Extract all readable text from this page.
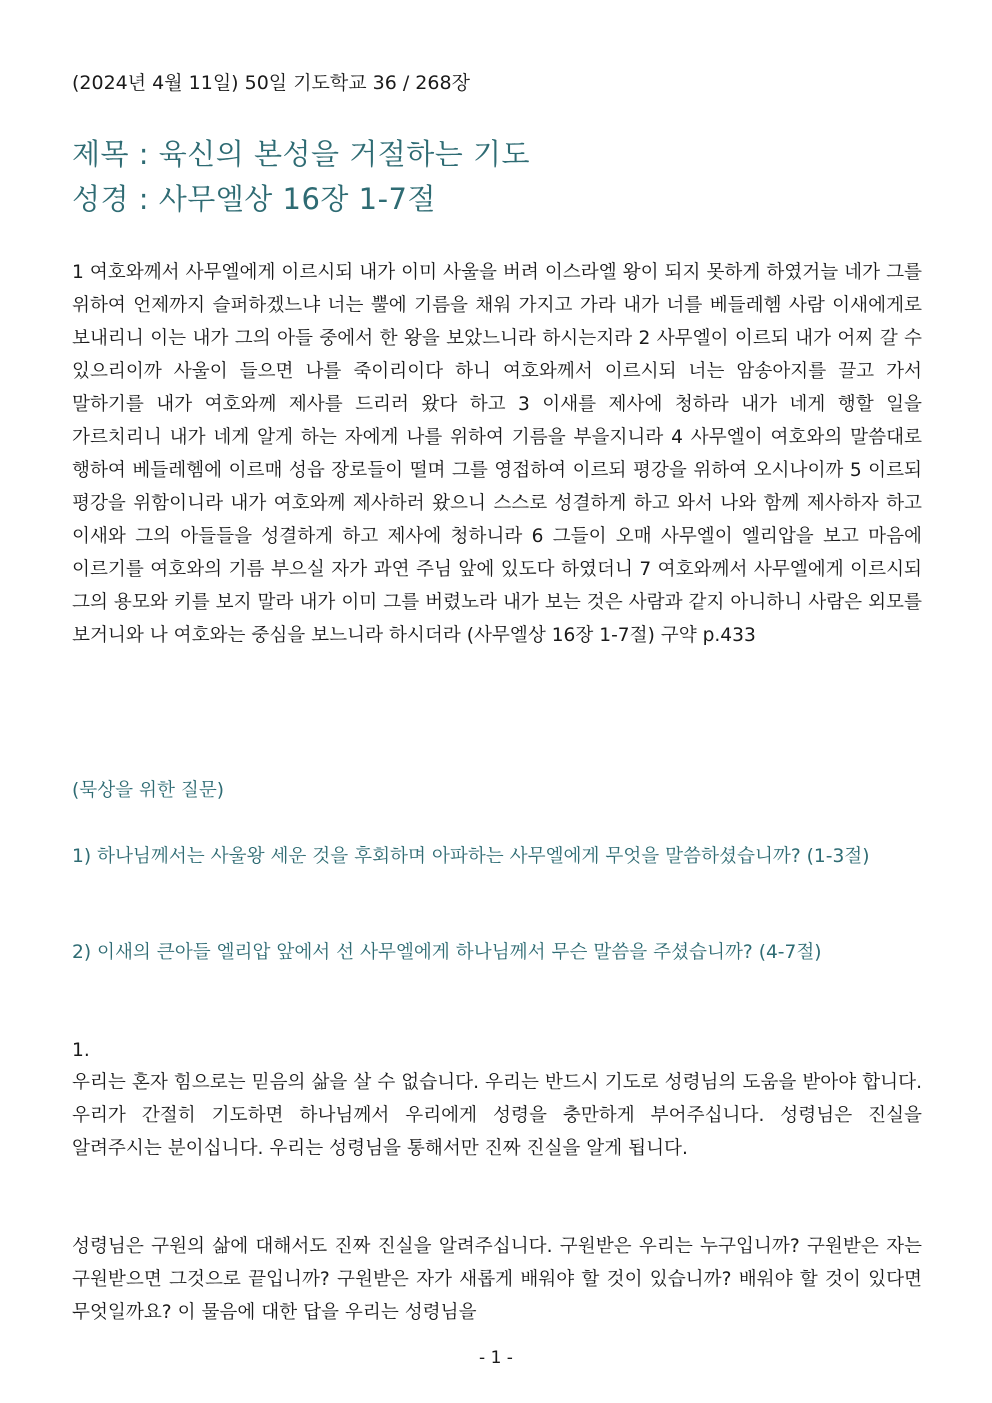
(2024년 4월 11일) 50일 기도학교 36 / 268장
제목 : 육신의 본성을 거절하는 기도
성경 : 사무엘상 16장 1-7절
1 여호와께서 사무엘에게 이르시되 내가 이미 사울을 버려 이스라엘 왕이 되지 못하게 하였거늘 네가 그를 위하여 언제까지 슬퍼하겠느냐 너는 뿔에 기름을 채워 가지고 가라 내가 너를 베들레헴 사람 이새에게로 보내리니 이는 내가 그의 아들 중에서 한 왕을 보았느니라 하시는지라 2 사무엘이 이르되 내가 어찌 갈 수 있으리이까 사울이 들으면 나를 죽이리이다 하니 여호와께서 이르시되 너는 암송아지를 끌고 가서 말하기를 내가 여호와께 제사를 드리러 왔다 하고 3 이새를 제사에 청하라 내가 네게 행할 일을 가르치리니 내가 네게 알게 하는 자에게 나를 위하여 기름을 부을지니라 4 사무엘이 여호와의 말씀대로 행하여 베들레헴에 이르매 성읍 장로들이 떨며 그를 영접하여 이르되 평강을 위하여 오시나이까 5 이르되 평강을 위함이니라 내가 여호와께 제사하러 왔으니 스스로 성결하게 하고 와서 나와 함께 제사하자 하고 이새와 그의 아들들을 성결하게 하고 제사에 청하니라 6 그들이 오매 사무엘이 엘리압을 보고 마음에 이르기를 여호와의 기름 부으실 자가 과연 주님 앞에 있도다 하였더니 7 여호와께서 사무엘에게 이르시되 그의 용모와 키를 보지 말라 내가 이미 그를 버렸노라 내가 보는 것은 사람과 같지 아니하니 사람은 외모를 보거니와 나 여호와는 중심을 보느니라 하시더라 (사무엘상 16장 1-7절) 구약 p.433
(묵상을 위한 질문)
1) 하나님께서는 사울왕 세운 것을 후회하며 아파하는 사무엘에게 무엇을 말씀하셨습니까? (1-3절)
2) 이새의 큰아들 엘리압 앞에서 선 사무엘에게 하나님께서 무슨 말씀을 주셨습니까? (4-7절)
1.
우리는 혼자 힘으로는 믿음의 삶을 살 수 없습니다. 우리는 반드시 기도로 성령님의 도움을 받아야 합니다. 우리가 간절히 기도하면 하나님께서 우리에게 성령을 충만하게 부어주십니다. 성령님은 진실을 알려주시는 분이십니다. 우리는 성령님을 통해서만 진짜 진실을 알게 됩니다.
성령님은 구원의 삶에 대해서도 진짜 진실을 알려주십니다. 구원받은 우리는 누구입니까? 구원받은 자는 구원받으면 그것으로 끝입니까? 구원받은 자가 새롭게 배워야 할 것이 있습니까? 배워야 할 것이 있다면 무엇일까요? 이 물음에 대한 답을 우리는 성령님을
- 1 -
